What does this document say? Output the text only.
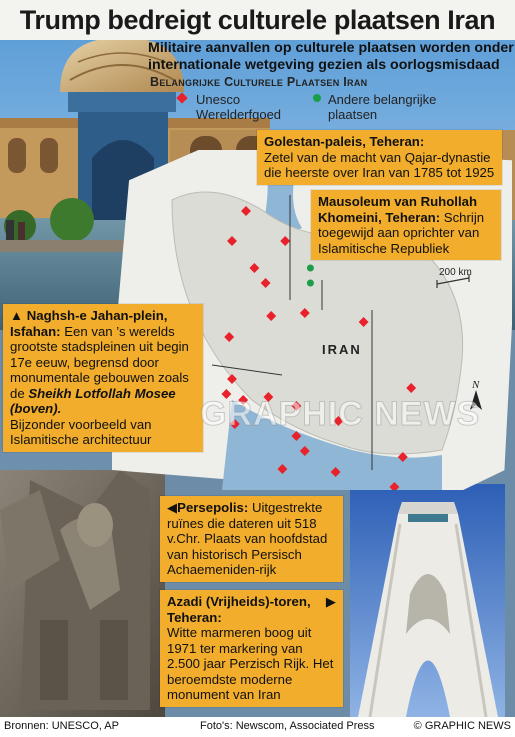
200 km
IRAN
N
Trump bedreigt culturele plaatsen Iran
Militaire aanvallen op culturele plaatsen worden onder internationale wetgeving gezien als oorlogsmisdaad
Belangrijke Culturele Plaatsen Iran
Unesco Werelderfgoed
Andere belangrijke plaatsen
Golestan-paleis, Teheran:
Zetel van de macht van Qajar-dynastie die heerste over Iran van 1785 tot 1925
Mausoleum van Ruhollah Khomeini, Teheran: Schrijn toegewijd aan oprichter van Islamitische Republiek
▲ Naghsh-e Jahan-plein, Isfahan: Een van ’s werelds grootste stadspleinen uit begin 17e eeuw, begrensd door monumentale gebouwen zoals de Sheikh Lotfollah Mosee (boven).
Bijzonder voorbeeld van Islamitische architectuur
◀Persepolis: Uitgestrekte ruïnes die dateren uit 518 v.Chr. Plaats van hoofdstad van historisch Persisch Achaemeniden-rijk
Azadi (Vrijheids)-toren, Teheran:
▶
Witte marmeren boog uit 1971 ter markering van 2.500 jaar Perzisch Rijk. Het beroemdste moderne monument van Iran
GRAPHIC NEWS
Bronnen: UNESCO, AP	Foto's: Newscom, Associated Press	© GRAPHIC NEWS
